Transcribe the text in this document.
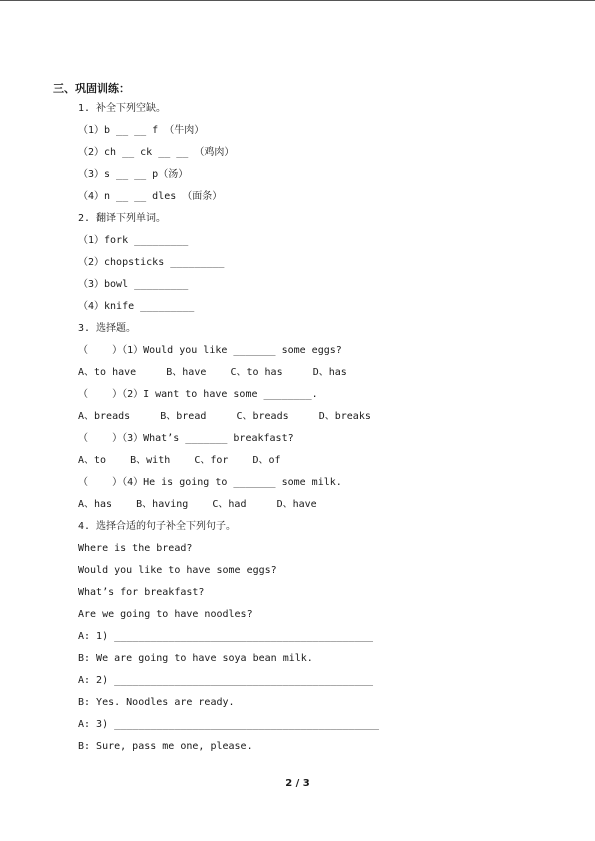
三、巩固训练：
1. 补全下列空缺。
（1）b __ __ f （牛肉）
（2）ch __ ck __ __ （鸡肉）
（3）s __ __ p（汤）
（4）n __ __ dles （面条）
2. 翻译下列单词。
（1）fork _________
（2）chopsticks _________
（3）bowl _________
（4）knife _________
3. 选择题。
（    ）（1）Would you like _______ some eggs?
A、to have     B、have    C、to has     D、has
（    ）（2）I want to have some ________.
A、breads     B、bread     C、breads     D、breaks
（    ）（3）What’s _______ breakfast?
A、to    B、with    C、for    D、of
（    ）（4）He is going to _______ some milk.
A、has    B、having    C、had     D、have
4. 选择合适的句子补全下列句子。
Where is the bread?
Would you like to have some eggs?
What’s for breakfast?
Are we going to have noodles?
A: 1) ___________________________________________
B: We are going to have soya bean milk.
A: 2) ___________________________________________
B: Yes. Noodles are ready.
A: 3) ____________________________________________
B: Sure, pass me one, please.
2 / 3
